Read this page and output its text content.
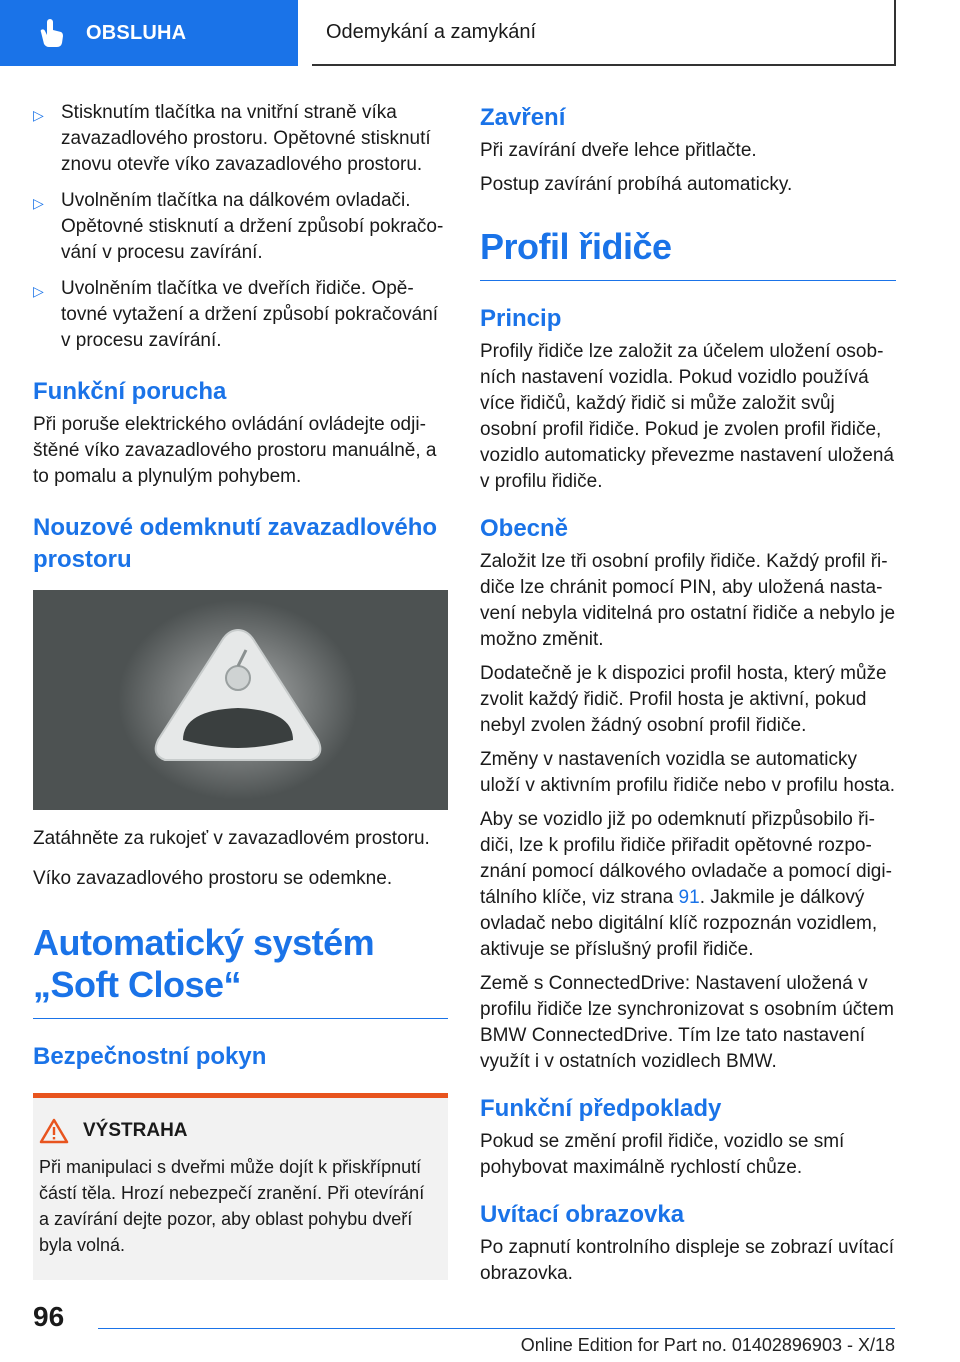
OBSLUHA	Odemykání a zamykání
▷ Stisknutím tlačítka na vnitřní straně víka zavazadlového prostoru. Opětovné stisknutí znovu otevře víko zavazadlového prostoru.
▷ Uvolněním tlačítka na dálkovém ovladači. Opětovné stisknutí a držení způsobí pokračování v procesu zavírání.
▷ Uvolněním tlačítka ve dveřích řidiče. Opětovné vytažení a držení způsobí pokračování v procesu zavírání.
Funkční porucha

Při poruše elektrického ovládání ovládejte odjištěné víko zavazadlového prostoru manuálně, a to pomalu a plynulým pohybem.

Nouzové odemknutí zavazadlového prostoru

Zatáhněte za rukojeť v zavazadlovém prostoru.

Víko zavazadlového prostoru se odemkne.

Automatický systém „Soft Close“
Bezpečnostní pokyn
VÝSTRAHA

Při manipulaci s dveřmi může dojít k přiskřípnutí částí těla. Hrozí nebezpečí zranění. Při otevírání a zavírání dejte pozor, aby oblast pohybu dveří byla volná.

Zavření

Při zavírání dveře lehce přitlačte.

Postup zavírání probíhá automaticky.

Profil řidiče
Princip

Profily řidiče lze založit za účelem uložení osobních nastavení vozidla. Pokud vozidlo používá více řidičů, každý řidič si může založit svůj osobní profil řidiče. Pokud je zvolen profil řidiče, vozidlo automaticky převezme nastavení uložená v profilu řidiče.

Obecně

Založit lze tři osobní profily řidiče. Každý profil řidiče lze chránit pomocí PIN, aby uložená nastavení nebyla viditelná pro ostatní řidiče a nebylo je možno změnit.

Dodatečně je k dispozici profil hosta, který může zvolit každý řidič. Profil hosta je aktivní, pokud nebyl zvolen žádný osobní profil řidiče.

Změny v nastaveních vozidla se automaticky uloží v aktivním profilu řidiče nebo v profilu hosta.

Aby se vozidlo již po odemknutí přizpůsobilo řidiči, lze k profilu řidiče přiřadit opětovné rozpoznání pomocí dálkového ovladače a pomocí digitálního klíče, viz strana 91. Jakmile je dálkový ovladač nebo digitální klíč rozpoznán vozidlem, aktivuje se příslušný profil řidiče.

Země s ConnectedDrive: Nastavení uložená v profilu řidiče lze synchronizovat s osobním účtem BMW ConnectedDrive. Tím lze tato nastavení využít i v ostatních vozidlech BMW.

Funkční předpoklady

Pokud se změní profil řidiče, vozidlo se smí pohybovat maximálně rychlostí chůze.

Uvítací obrazovka

Po zapnutí kontrolního displeje se zobrazí uvítací obrazovka.

96
Online Edition for Part no. 01402896903 - X/18
